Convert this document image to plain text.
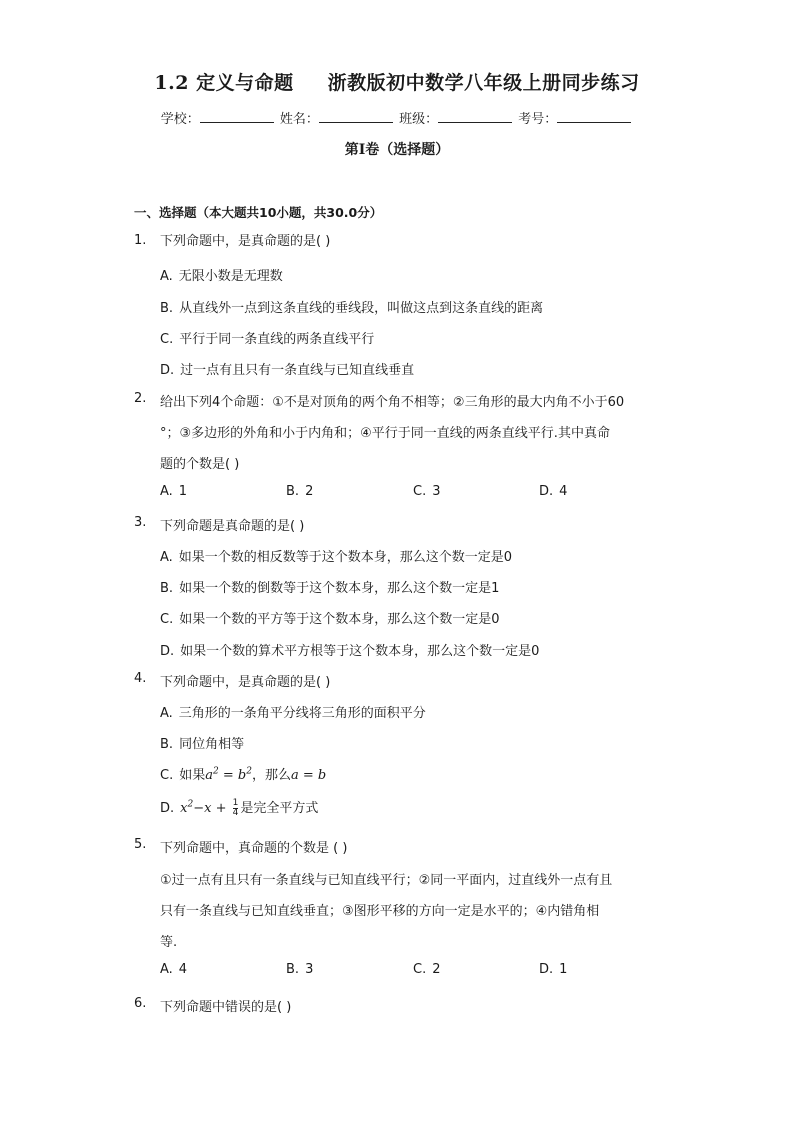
1.2 定义与命题 浙教版初中数学八年级上册同步练习
学校：	姓名：	班级：	考号：
第I卷（选择题）
一、选择题（本大题共10小题，共30.0分）
1.	下列命题中，是真命题的是( )
A. 无限小数是无理数
B. 从直线外一点到这条直线的垂线段，叫做这点到这条直线的距离
C. 平行于同一条直线的两条直线平行
D. 过一点有且只有一条直线与已知直线垂直
2.	给出下列4个命题：①不是对顶角的两个角不相等；②三角形的最大内角不小于60
°；③多边形的外角和小于内角和；④平行于同一直线的两条直线平行.其中真命
题的个数是( )
A. 1	B. 2	C. 3	D. 4
3.	下列命题是真命题的是( )
A. 如果一个数的相反数等于这个数本身，那么这个数一定是0
B. 如果一个数的倒数等于这个数本身，那么这个数一定是1
C. 如果一个数的平方等于这个数本身，那么这个数一定是0
D. 如果一个数的算术平方根等于这个数本身，那么这个数一定是0
4.	下列命题中，是真命题的是( )
A. 三角形的一条角平分线将三角形的面积平分
B. 同位角相等
C. 如果$a^2 = b^2$，那么a = b
D. $x^2-x + \frac{1}{4}$ 是完全平方式
5.	下列命题中，真命题的个数是 ( )
①过一点有且只有一条直线与已知直线平行；②同一平面内，过直线外一点有且
只有一条直线与已知直线垂直；③图形平移的方向一定是水平的；④内错角相
等.
A. 4	B. 3	C. 2	D. 1
6.	下列命题中错误的是( )
